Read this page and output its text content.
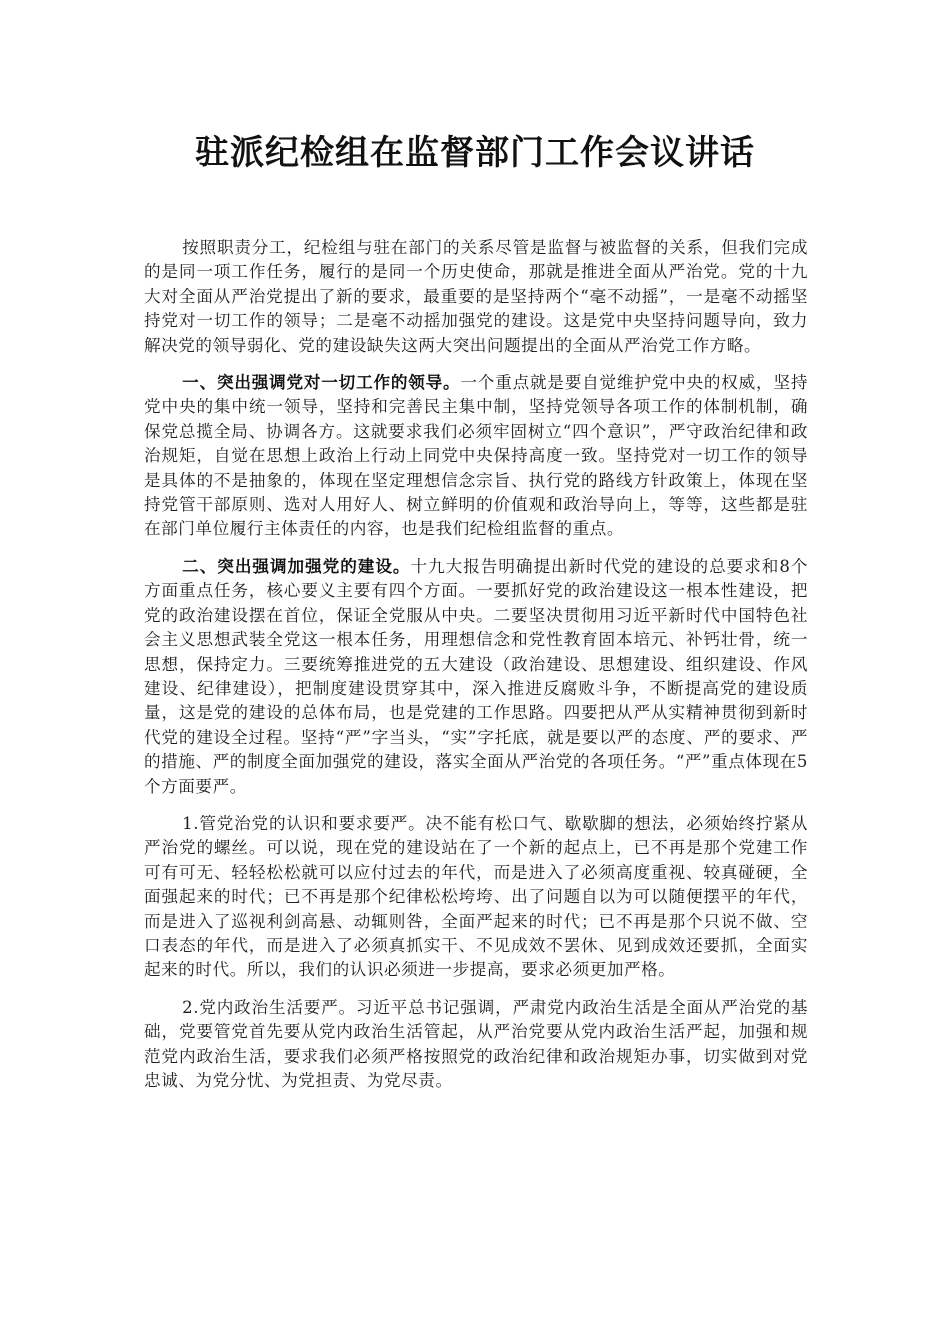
驻派纪检组在监督部门工作会议讲话

按照职责分工，纪检组与驻在部门的关系尽管是监督与被监督的关系，但我们完成的是同一项工作任务，履行的是同一个历史使命，那就是推进全面从严治党。党的十九大对全面从严治党提出了新的要求，最重要的是坚持两个“毫不动摇”，一是毫不动摇坚持党对一切工作的领导；二是毫不动摇加强党的建设。这是党中央坚持问题导向，致力解决党的领导弱化、党的建设缺失这两大突出问题提出的全面从严治党工作方略。

一、突出强调党对一切工作的领导。一个重点就是要自觉维护党中央的权威，坚持党中央的集中统一领导，坚持和完善民主集中制，坚持党领导各项工作的体制机制，确保党总揽全局、协调各方。这就要求我们必须牢固树立“四个意识”，严守政治纪律和政治规矩，自觉在思想上政治上行动上同党中央保持高度一致。坚持党对一切工作的领导是具体的不是抽象的，体现在坚定理想信念宗旨、执行党的路线方针政策上，体现在坚持党管干部原则、选对人用好人、树立鲜明的价值观和政治导向上，等等，这些都是驻在部门单位履行主体责任的内容，也是我们纪检组监督的重点。

二、突出强调加强党的建设。十九大报告明确提出新时代党的建设的总要求和8个方面重点任务，核心要义主要有四个方面。一要抓好党的政治建设这一根本性建设，把党的政治建设摆在首位，保证全党服从中央。二要坚决贯彻用习近平新时代中国特色社会主义思想武装全党这一根本任务，用理想信念和党性教育固本培元、补钙壮骨，统一思想，保持定力。三要统筹推进党的五大建设（政治建设、思想建设、组织建设、作风建设、纪律建设），把制度建设贯穿其中，深入推进反腐败斗争，不断提高党的建设质量，这是党的建设的总体布局，也是党建的工作思路。四要把从严从实精神贯彻到新时代党的建设全过程。坚持“严”字当头，“实”字托底，就是要以严的态度、严的要求、严的措施、严的制度全面加强党的建设，落实全面从严治党的各项任务。“严”重点体现在5个方面要严。

1.管党治党的认识和要求要严。决不能有松口气、歇歇脚的想法，必须始终拧紧从严治党的螺丝。可以说，现在党的建设站在了一个新的起点上，已不再是那个党建工作可有可无、轻轻松松就可以应付过去的年代，而是进入了必须高度重视、较真碰硬，全面强起来的时代；已不再是那个纪律松松垮垮、出了问题自以为可以随便摆平的年代，而是进入了巡视利剑高悬、动辄则咎，全面严起来的时代；已不再是那个只说不做、空口表态的年代，而是进入了必须真抓实干、不见成效不罢休、见到成效还要抓，全面实起来的时代。所以，我们的认识必须进一步提高，要求必须更加严格。

2.党内政治生活要严。习近平总书记强调，严肃党内政治生活是全面从严治党的基础，党要管党首先要从党内政治生活管起，从严治党要从党内政治生活严起，加强和规范党内政治生活，要求我们必须严格按照党的政治纪律和政治规矩办事，切实做到对党忠诚、为党分忧、为党担责、为党尽责。
